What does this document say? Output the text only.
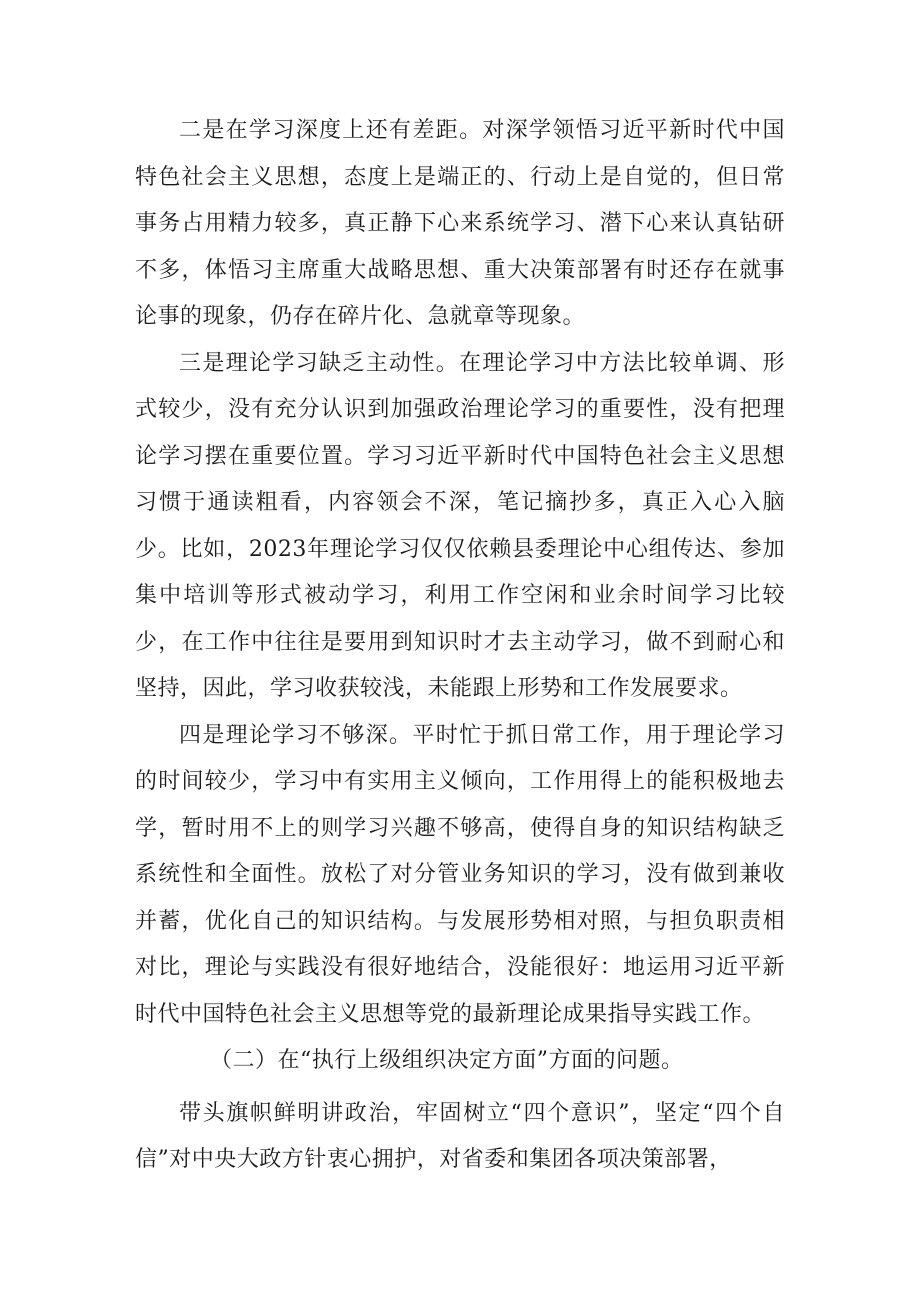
二是在学习深度上还有差距。对深学领悟习近平新时代中国特色社会主义思想，态度上是端正的、行动上是自觉的，但日常事务占用精力较多，真正静下心来系统学习、潜下心来认真钻研不多，体悟习主席重大战略思想、重大决策部署有时还存在就事论事的现象，仍存在碎片化、急就章等现象。

三是理论学习缺乏主动性。在理论学习中方法比较单调、形式较少，没有充分认识到加强政治理论学习的重要性，没有把理论学习摆在重要位置。学习习近平新时代中国特色社会主义思想习惯于通读粗看，内容领会不深，笔记摘抄多，真正入心入脑少。比如，2023年理论学习仅仅依赖县委理论中心组传达、参加集中培训等形式被动学习，利用工作空闲和业余时间学习比较少，在工作中往往是要用到知识时才去主动学习，做不到耐心和坚持，因此，学习收获较浅，未能跟上形势和工作发展要求。

四是理论学习不够深。平时忙于抓日常工作，用于理论学习的时间较少，学习中有实用主义倾向，工作用得上的能积极地去学，暂时用不上的则学习兴趣不够高，使得自身的知识结构缺乏系统性和全面性。放松了对分管业务知识的学习，没有做到兼收并蓄，优化自己的知识结构。与发展形势相对照，与担负职责相对比，理论与实践没有很好地结合，没能很好：地运用习近平新时代中国特色社会主义思想等党的最新理论成果指导实践工作。

（二）在“执行上级组织决定方面”方面的问题。

带头旗帜鲜明讲政治，牢固树立“四个意识”，坚定“四个自信”对中央大政方针衷心拥护，对省委和集团各项决策部署，
